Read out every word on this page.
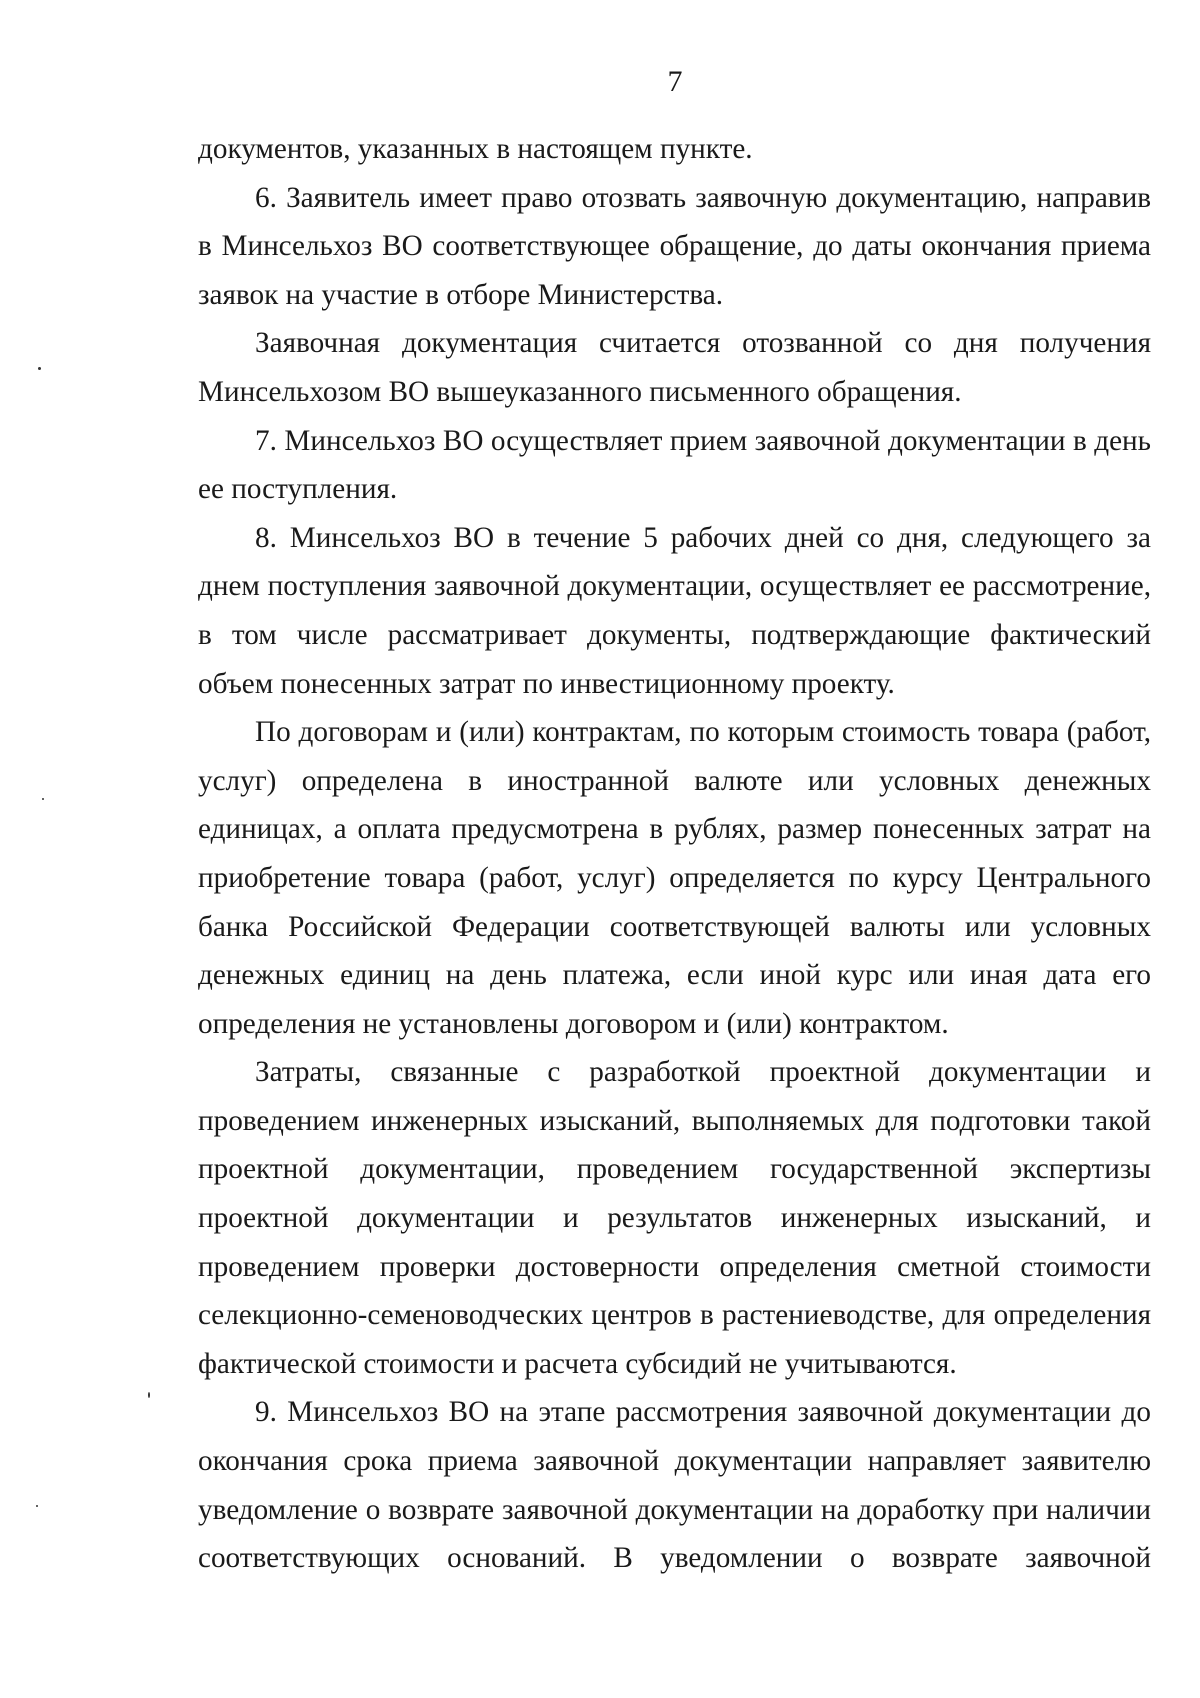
7

документов, указанных в настоящем пункте.

6. Заявитель имеет право отозвать заявочную документацию, направив в Минсельхоз ВО соответствующее обращение, до даты окончания приема заявок на участие в отборе Министерства.

Заявочная документация считается отозванной со дня получения Минсельхозом ВО вышеуказанного письменного обращения.

7. Минсельхоз ВО осуществляет прием заявочной документации в день ее поступления.

8. Минсельхоз ВО в течение 5 рабочих дней со дня, следующего за днем поступления заявочной документации, осуществляет ее рассмотрение, в том числе рассматривает документы, подтверждающие фактический объем понесенных затрат по инвестиционному проекту.

По договорам и (или) контрактам, по которым стоимость товара (работ, услуг) определена в иностранной валюте или условных денежных единицах, а оплата предусмотрена в рублях, размер понесенных затрат на приобретение товара (работ, услуг) определяется по курсу Центрального банка Российской Федерации соответствующей валюты или условных денежных единиц на день платежа, если иной курс или иная дата его определения не установлены договором и (или) контрактом.

Затраты, связанные с разработкой проектной документации и проведением инженерных изысканий, выполняемых для подготовки такой проектной документации, проведением государственной экспертизы проектной документации и результатов инженерных изысканий, и проведением проверки достоверности определения сметной стоимости селекционно-семеноводческих центров в растениеводстве, для определения фактической стоимости и расчета субсидий не учитываются.

9. Минсельхоз ВО на этапе рассмотрения заявочной документации до окончания срока приема заявочной документации направляет заявителю уведомление о возврате заявочной документации на доработку при наличии соответствующих оснований. В уведомлении о возврате заявочной
